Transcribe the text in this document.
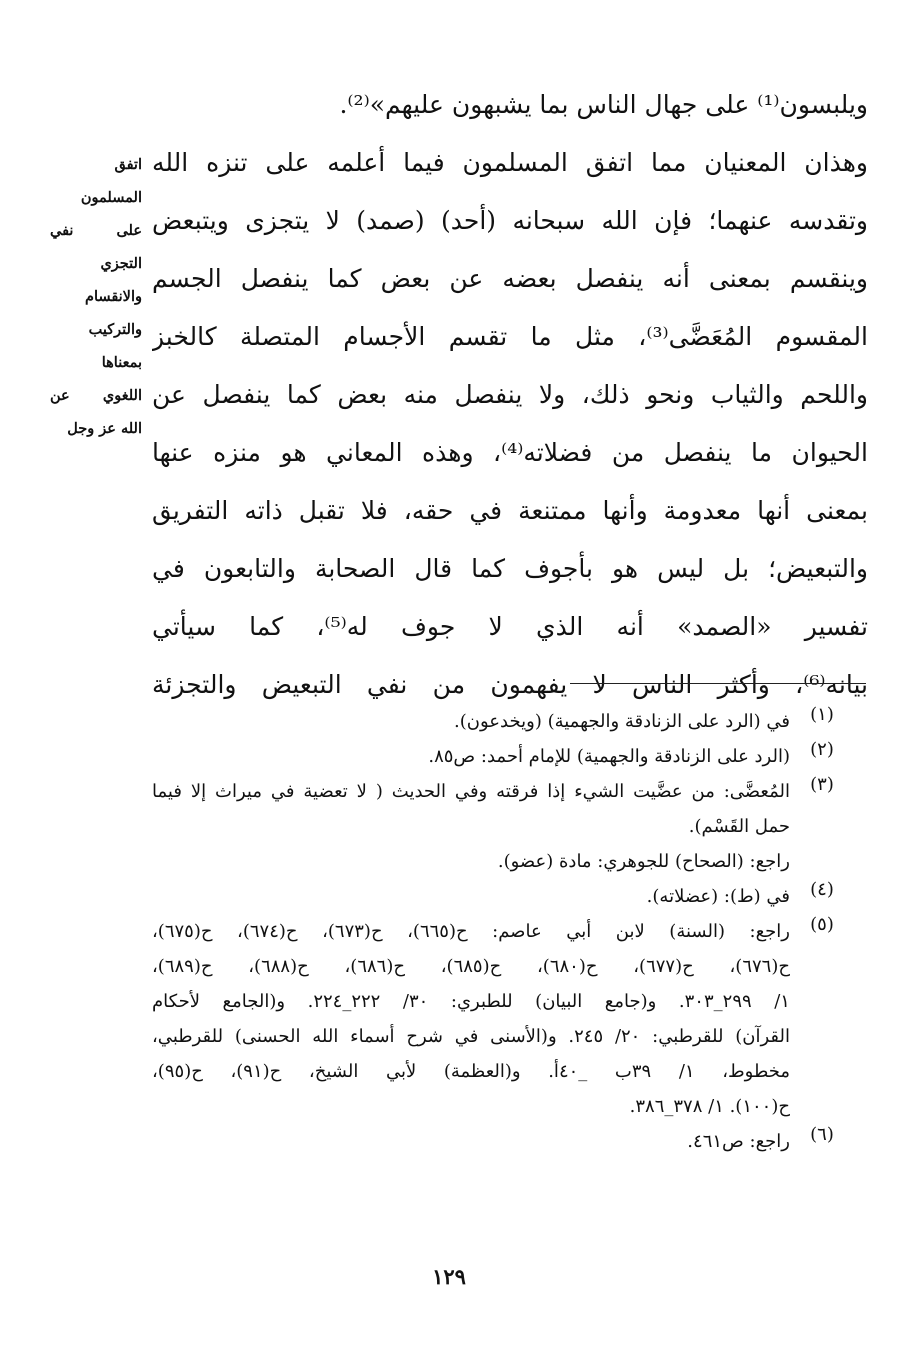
ويلبسون⁽¹⁾ على جهال الناس بما يشبهون عليهم»⁽²⁾.
وهذان المعنيان مما اتفق المسلمون فيما أعلمه على تنزه الله
وتقدسه عنهما؛ فإن الله سبحانه (أحد) (صمد) لا يتجزى ويتبعض
وينقسم بمعنى أنه ينفصل بعضه عن بعض كما ينفصل الجسم
المقسوم المُعَضَّى⁽³⁾، مثل ما تقسم الأجسام المتصلة كالخبز
واللحم والثياب ونحو ذلك، ولا ينفصل منه بعض كما ينفصل عن
الحيوان ما ينفصل من فضلاته⁽⁴⁾، وهذه المعاني هو منزه عنها
بمعنى أنها معدومة وأنها ممتنعة في حقه، فلا تقبل ذاته التفريق
والتبعيض؛ بل ليس هو بأجوف كما قال الصحابة والتابعون في
تفسير «الصمد» أنه الذي لا جوف له⁽⁵⁾، كما سيأتي
بيانه⁽⁶⁾، وأكثر الناس لا يفهمون من نفي التبعيض والتجزئة
اتفق
المسلمون
على نفي
التجزي
والانقسام
والتركيب
بمعناها
اللغوي عن
الله عز وجل
(١)
في (الرد على الزنادقة والجهمية) (ويخدعون).
(٢)
(الرد على الزنادقة والجهمية) للإمام أحمد: ص٨٥.
(٣)
المُعضَّى: من عضَّيت الشيء إذا فرقته وفي الحديث ( لا تعضية في ميراث إلا فيما
حمل القَسْم).
راجع: (الصحاح) للجوهري: مادة (عضو).
(٤)
في (ط): (عضلاته).
(٥)
راجع: (السنة) لابن أبي عاصم: ح(٦٦٥)، ح(٦٧٣)، ح(٦٧٤)، ح(٦٧٥)،
ح(٦٧٦)، ح(٦٧٧)، ح(٦٨٠)، ح(٦٨٥)، ح(٦٨٦)، ح(٦٨٨)، ح(٦٨٩)،
١/ ٢٩٩_٣٠٣. و(جامع البيان) للطبري: ٣٠/ ٢٢٢_٢٢٤. و(الجامع لأحكام
القرآن) للقرطبي: ٢٠/ ٢٤٥. و(الأسنى في شرح أسماء الله الحسنى) للقرطبي،
مخطوط، ١/ ٣٩ب _٤٠أ. و(العظمة) لأبي الشيخ، ح(٩١)، ح(٩٥)،
ح(١٠٠). ١/ ٣٧٨_٣٨٦.
(٦)
راجع: ص٤٦١.
١٢٩
